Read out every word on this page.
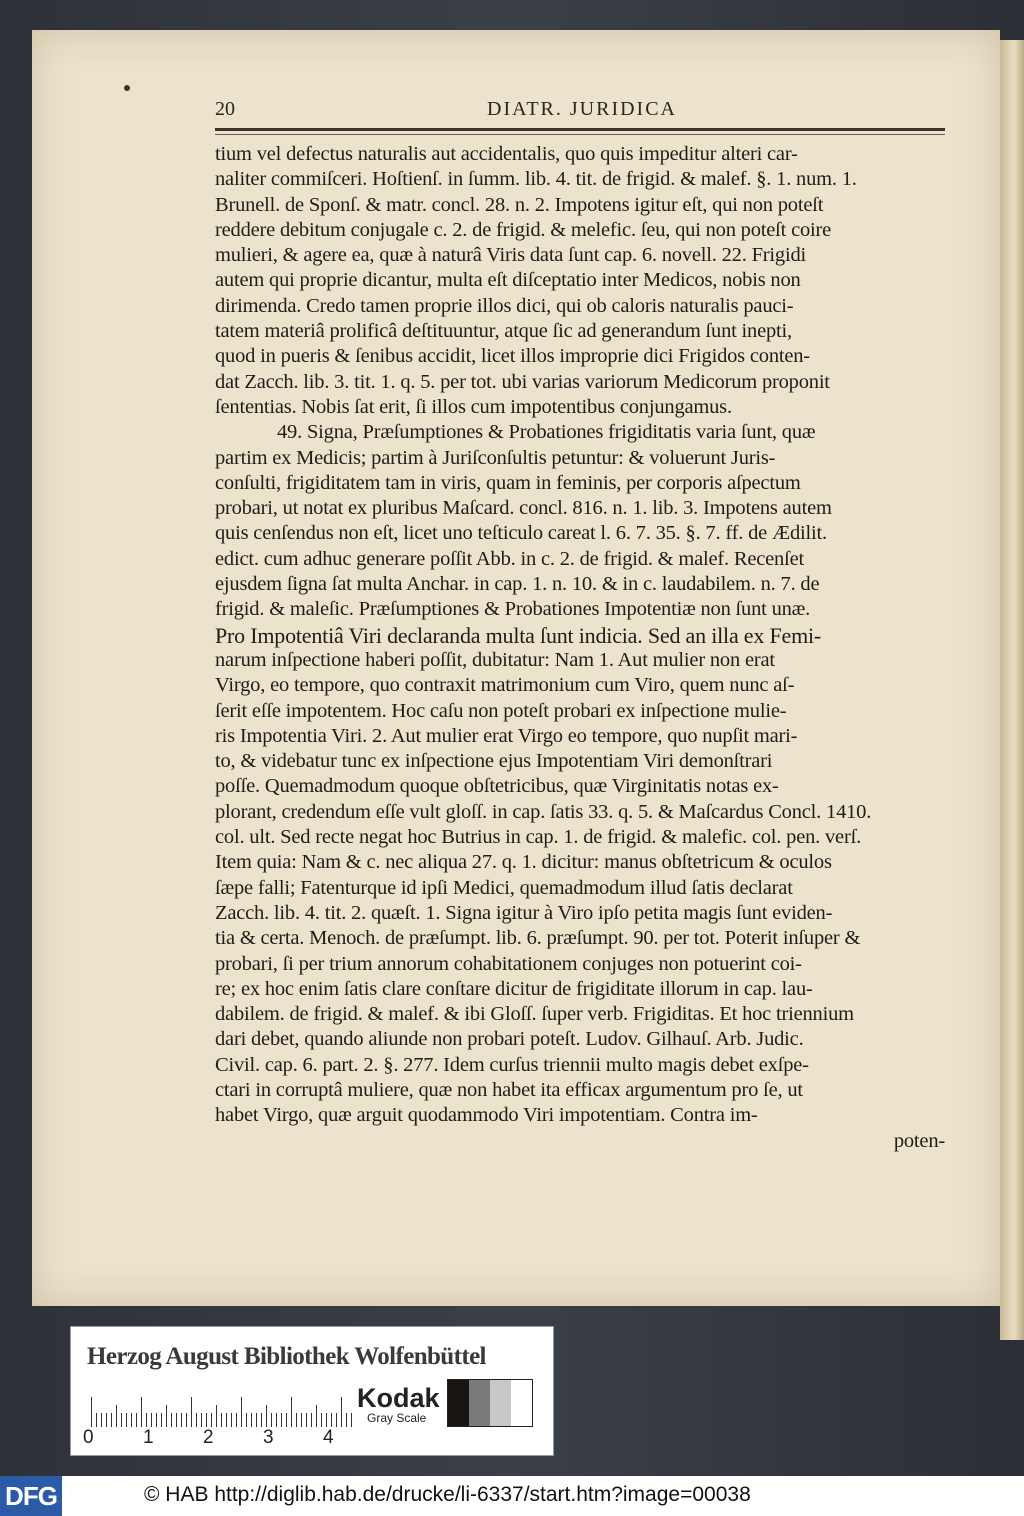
20	DIATR. JURIDICA
tium vel defectus naturalis aut accidentalis, quo quis impeditur alteri car-
naliter commiſceri. Hoſtienſ. in ſumm. lib. 4. tit. de frigid. & malef. §. 1. num. 1.
Brunell. de Sponſ. & matr. concl. 28. n. 2. Impotens igitur eſt, qui non poteſt
reddere debitum conjugale c. 2. de frigid. & melefic. ſeu, qui non poteſt coire
mulieri, & agere ea, quæ à naturâ Viris data ſunt cap. 6. novell. 22. Frigidi
autem qui proprie dicantur, multa eſt diſceptatio inter Medicos, nobis non
dirimenda. Credo tamen proprie illos dici, qui ob caloris naturalis pauci-
tatem materiâ prolificâ deſtituuntur, atque ſic ad generandum ſunt inepti,
quod in pueris & ſenibus accidit, licet illos improprie dici Frigidos conten-
dat Zacch. lib. 3. tit. 1. q. 5. per tot. ubi varias variorum Medicorum proponit
ſententias. Nobis ſat erit, ſi illos cum impotentibus conjungamus.
49. Signa, Præſumptiones & Probationes frigiditatis varia ſunt, quæ
partim ex Medicis; partim à Juriſconſultis petuntur: & voluerunt Juris-
conſulti, frigiditatem tam in viris, quam in feminis, per corporis aſpectum
probari, ut notat ex pluribus Maſcard. concl. 816. n. 1. lib. 3. Impotens autem
quis cenſendus non eſt, licet uno teſticulo careat l. 6. 7. 35. §. 7. ff. de Ædilit.
edict. cum adhuc generare poſſit Abb. in c. 2. de frigid. & malef. Recenſet
ejusdem ſigna ſat multa Anchar. in cap. 1. n. 10. & in c. laudabilem. n. 7. de
frigid. & maleſic. Præſumptiones & Probationes Impotentiæ non ſunt unæ.
Pro Impotentiâ Viri declaranda multa ſunt indicia. Sed an illa ex Femi-
narum inſpectione haberi poſſit, dubitatur: Nam 1. Aut mulier non erat
Virgo, eo tempore, quo contraxit matrimonium cum Viro, quem nunc aſ-
ſerit eſſe impotentem. Hoc caſu non poteſt probari ex inſpectione mulie-
ris Impotentia Viri. 2. Aut mulier erat Virgo eo tempore, quo nupſit mari-
to, & videbatur tunc ex inſpectione ejus Impotentiam Viri demonſtrari
poſſe. Quemadmodum quoque obſtetricibus, quæ Virginitatis notas ex-
plorant, credendum eſſe vult gloſſ. in cap. ſatis 33. q. 5. & Maſcardus Concl. 1410.
col. ult. Sed recte negat hoc Butrius in cap. 1. de frigid. & malefic. col. pen. verſ.
Item quia: Nam & c. nec aliqua 27. q. 1. dicitur: manus obſtetricum & oculos
ſæpe falli; Fatenturque id ipſi Medici, quemadmodum illud ſatis declarat
Zacch. lib. 4. tit. 2. quæſt. 1. Signa igitur à Viro ipſo petita magis ſunt eviden-
tia & certa. Menoch. de præſumpt. lib. 6. præſumpt. 90. per tot. Poterit inſuper &
probari, ſi per trium annorum cohabitationem conjuges non potuerint coi-
re; ex hoc enim ſatis clare conſtare dicitur de frigiditate illorum in cap. lau-
dabilem. de frigid. & malef. & ibi Gloſſ. ſuper verb. Frigiditas. Et hoc triennium
dari debet, quando aliunde non probari poteſt. Ludov. Gilhauſ. Arb. Judic.
Civil. cap. 6. part. 2. §. 277. Idem curſus triennii multo magis debet exſpe-
ctari in corruptâ muliere, quæ non habet ita efficax argumentum pro ſe, ut
habet Virgo, quæ arguit quodammodo Viri impotentiam. Contra im-
poten-
Herzog August Bibliothek Wolfenbüttel
0	1	2	3	4
Kodak
Gray Scale
DFG	© HAB http://diglib.hab.de/drucke/li-6337/start.htm?image=00038
